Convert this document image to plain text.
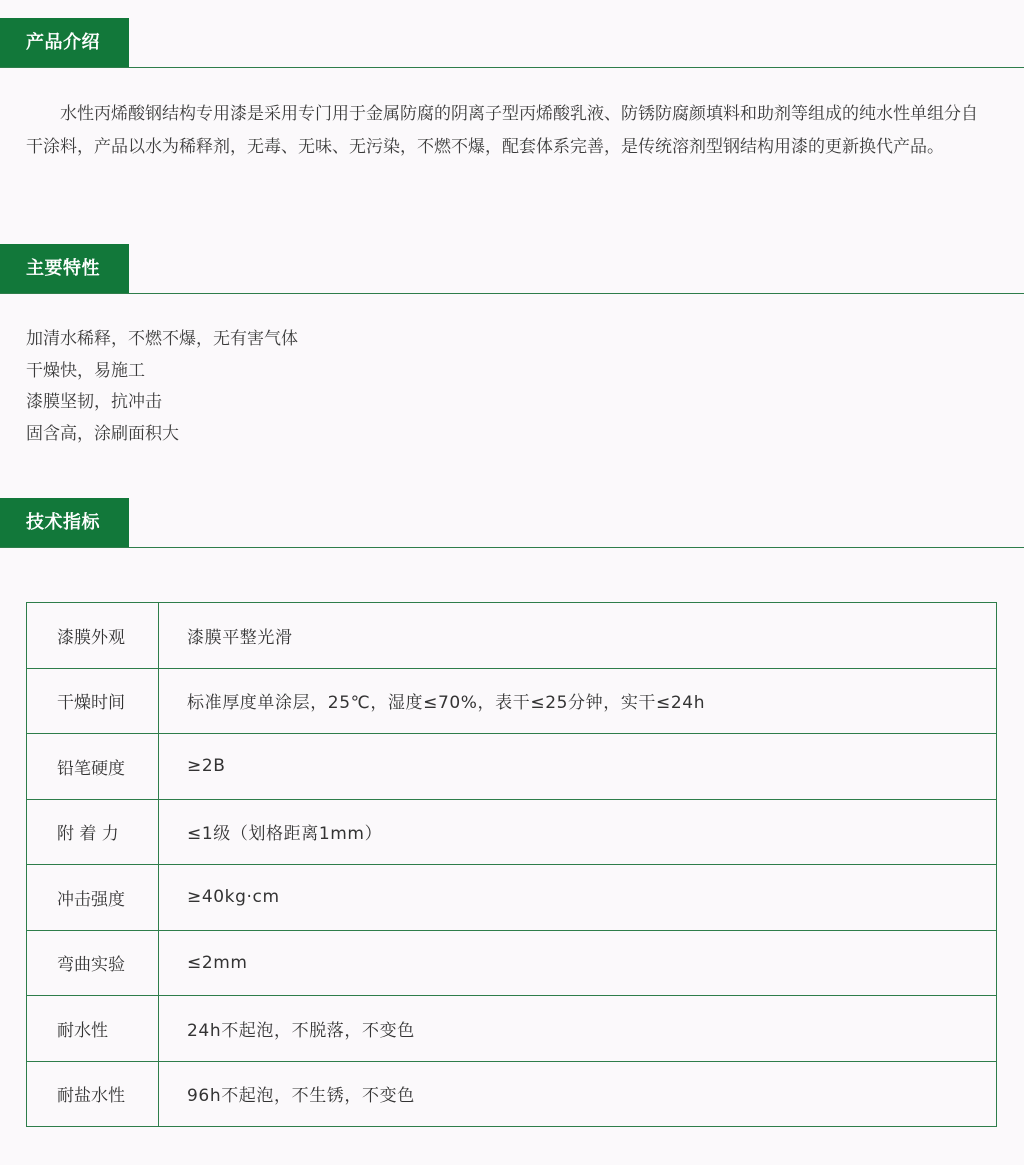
产品介绍

水性丙烯酸钢结构专用漆是采用专门用于金属防腐的阴离子型丙烯酸乳液、防锈防腐颜填料和助剂等组成的纯水性单组分自干涂料，产品以水为稀释剂，无毒、无味、无污染，不燃不爆，配套体系完善，是传统溶剂型钢结构用漆的更新换代产品。

主要特性
加清水稀释，不燃不爆，无有害气体
干燥快，易施工
漆膜坚韧，抗冲击
固含高，涂刷面积大
技术指标
漆膜外观	漆膜平整光滑
干燥时间	标准厚度单涂层，25℃，湿度≤70%，表干≤25分钟，实干≤24h
铅笔硬度	≥2B
附 着 力	≤1级（划格距离1mm）
冲击强度	≥40kg·cm
弯曲实验	≤2mm
耐水性	24h不起泡，不脱落，不变色
耐盐水性	96h不起泡，不生锈，不变色
